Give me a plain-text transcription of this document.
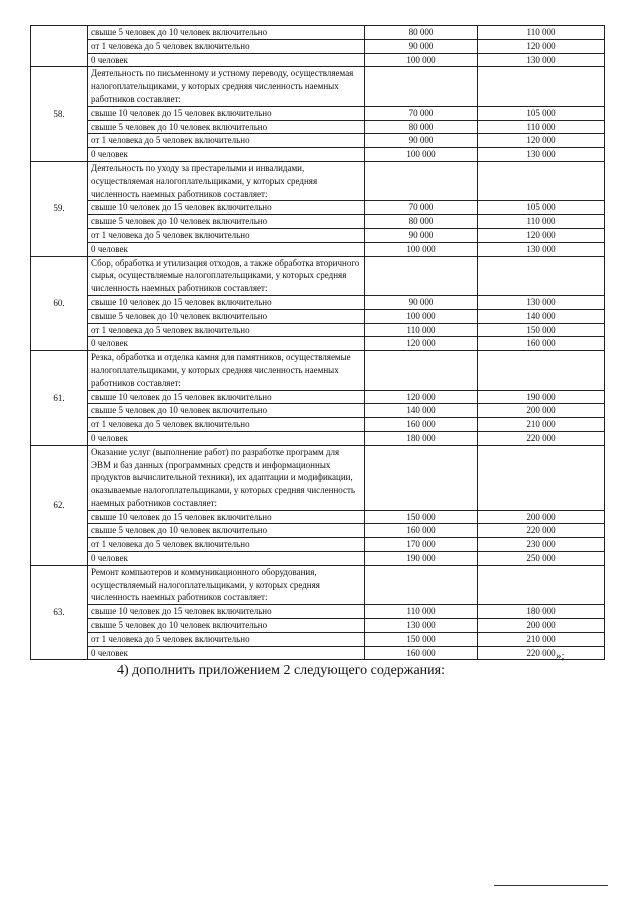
	свыше 5 человек до 10 человек включительно	80 000	110 000
	от 1 человека до 5 человек включительно	90 000	120 000
	0 человек	100 000	130 000
58.	Деятельность по письменному и устному переводу, осуществляемая налогоплательщиками, у которых средняя численность наемных работников составляет:		
	свыше 10 человек до 15 человек включительно	70 000	105 000
	свыше 5 человек до 10 человек включительно	80 000	110 000
	от 1 человека до 5 человек включительно	90 000	120 000
	0 человек	100 000	130 000
59.	Деятельность по уходу за престарелыми и инвалидами, осуществляемая налогоплательщиками, у которых средняя численность наемных работников составляет:		
	свыше 10 человек до 15 человек включительно	70 000	105 000
	свыше 5 человек до 10 человек включительно	80 000	110 000
	от 1 человека до 5 человек включительно	90 000	120 000
	0 человек	100 000	130 000
60.	Сбор, обработка и утилизация отходов, а также обработка вторичного сырья, осуществляемые налогоплательщиками, у которых средняя численность наемных работников составляет:		
	свыше 10 человек до 15 человек включительно	90 000	130 000
	свыше 5 человек до 10 человек включительно	100 000	140 000
	от 1 человека до 5 человек включительно	110 000	150 000
	0 человек	120 000	160 000
61.	Резка, обработка и отделка камня для памятников, осуществляемые налогоплательщиками, у которых средняя численность наемных работников составляет:		
	свыше 10 человек до 15 человек включительно	120 000	190 000
	свыше 5 человек до 10 человек включительно	140 000	200 000
	от 1 человека до 5 человек включительно	160 000	210 000
	0 человек	180 000	220 000
62.	Оказание услуг (выполнение работ) по разработке программ для ЭВМ и баз данных (программных средств и информационных продуктов вычислительной техники), их адаптации и модификации, оказываемые налогоплательщиками, у которых средняя численность наемных работников составляет:		
	свыше 10 человек до 15 человек включительно	150 000	200 000
	свыше 5 человек до 10 человек включительно	160 000	220 000
	от 1 человека до 5 человек включительно	170 000	230 000
	0 человек	190 000	250 000
63.	Ремонт компьютеров и коммуникационного оборудования, осуществляемый налогоплательщиками, у которых средняя численность наемных работников составляет:		
	свыше 10 человек до 15 человек включительно	110 000	180 000
	свыше 5 человек до 10 человек включительно	130 000	200 000
	от 1 человека до 5 человек включительно	150 000	210 000
	0 человек	160 000	220 000 »;
4) дополнить приложением 2 следующего содержания:
